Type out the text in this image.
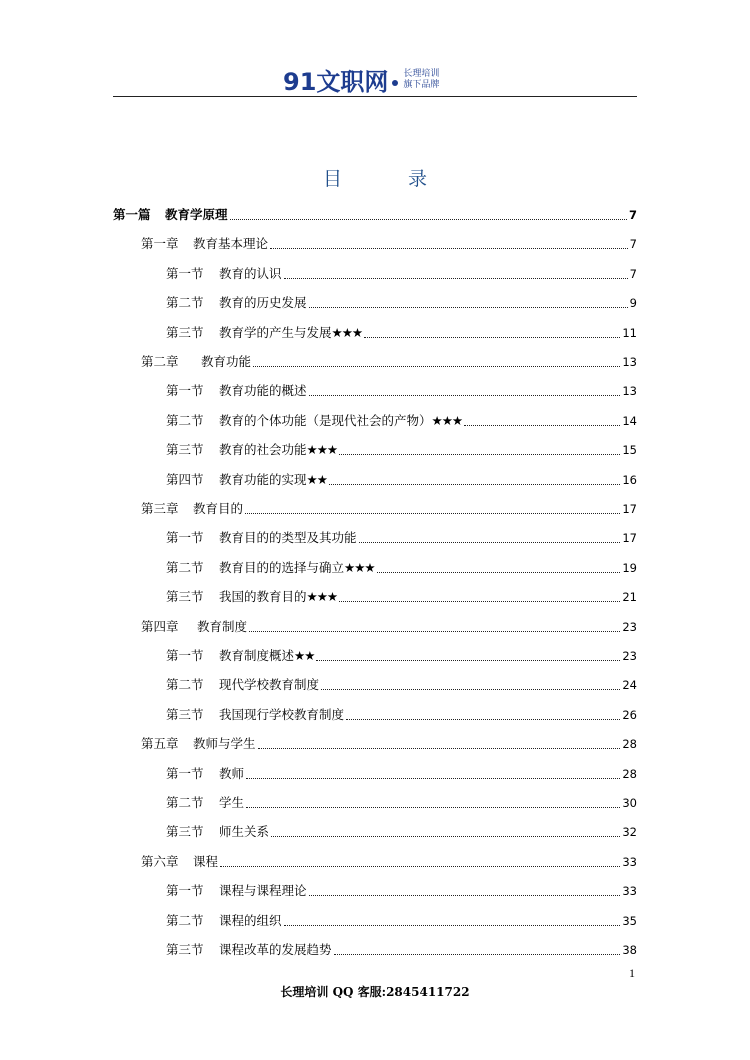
91文职网 长理培训
旗下品牌
目 录
第一篇	教育学原理	7
第一章	教育基本理论	7
第一节	教育的认识	7
第二节	教育的历史发展	9
第三节	教育学的产生与发展 ★★★	11
第二章	教育功能	13
第一节	教育功能的概述	13
第二节	教育的个体功能（是现代社会的产物） ★★★	14
第三节	教育的社会功能 ★★★	15
第四节	教育功能的实现 ★★	16
第三章	教育目的	17
第一节	教育目的的类型及其功能	17
第二节	教育目的的选择与确立 ★★★	19
第三节	我国的教育目的 ★★★	21
第四章	教育制度	23
第一节	教育制度概述 ★★	23
第二节	现代学校教育制度	24
第三节	我国现行学校教育制度	26
第五章	教师与学生	28
第一节	教师	28
第二节	学生	30
第三节	师生关系	32
第六章	课程	33
第一节	课程与课程理论	33
第二节	课程的组织	35
第三节	课程改革的发展趋势	38
1
长理培训 QQ 客服:2845411722
